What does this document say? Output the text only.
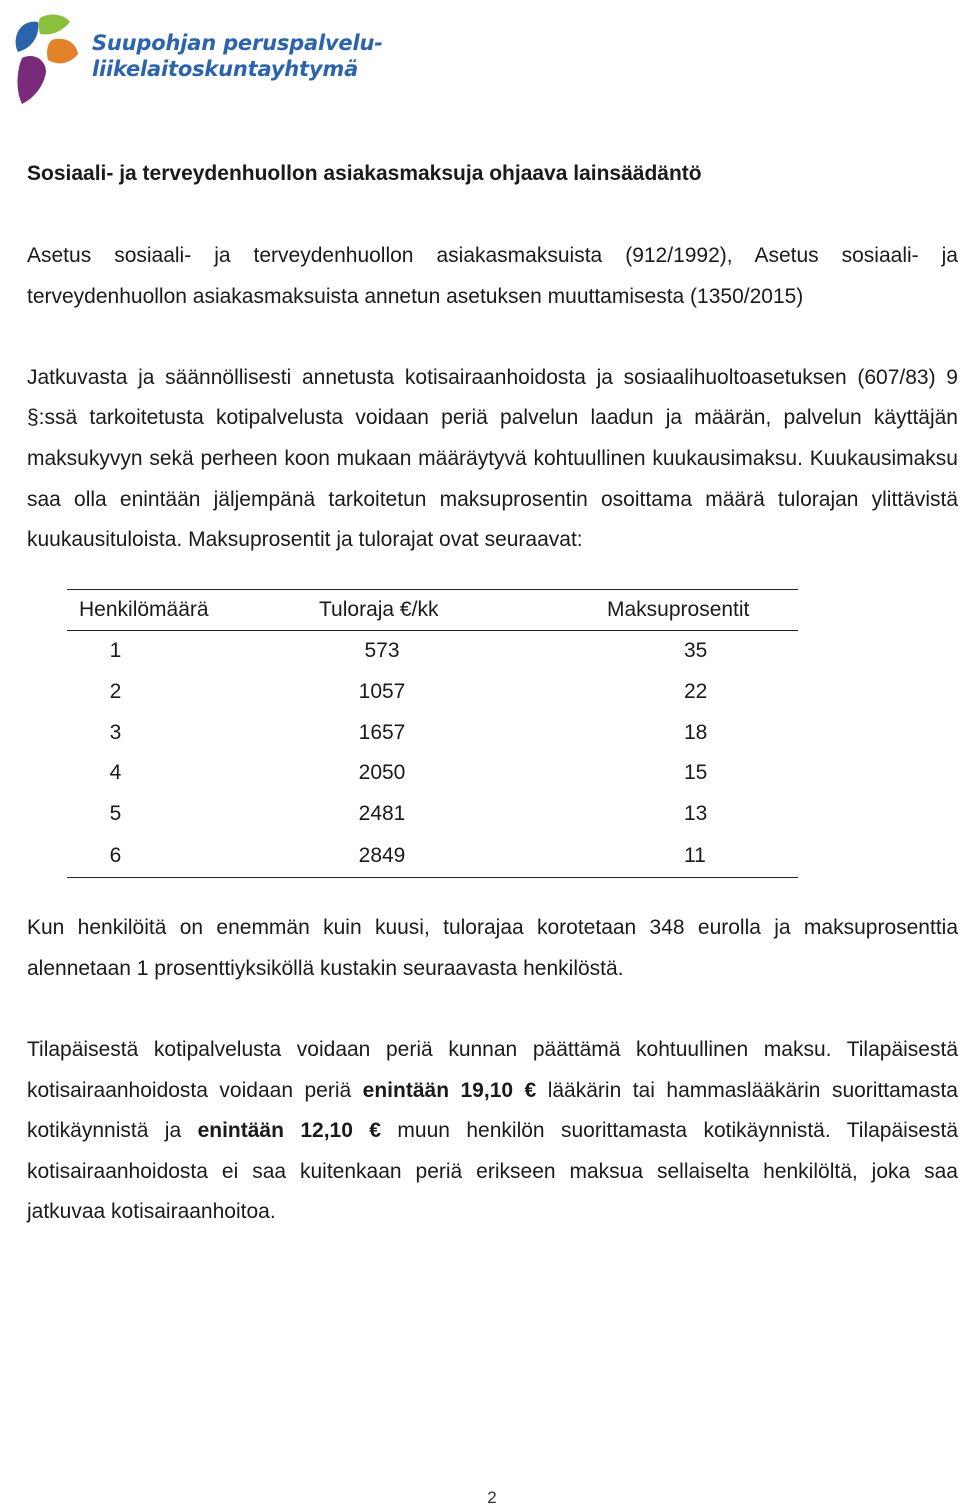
Suupohjan peruspalvelu-
liikelaitoskuntayhtymä
Sosiaali- ja terveydenhuollon asiakasmaksuja ohjaava lainsäädäntö

Asetus sosiaali- ja terveydenhuollon asiakasmaksuista (912/1992), Asetus sosiaali- ja terveydenhuollon asiakasmaksuista annetun asetuksen muuttamisesta (1350/2015)

Jatkuvasta ja säännöllisesti annetusta kotisairaanhoidosta ja sosiaalihuoltoasetuksen (607/83) 9 §:ssä tarkoitetusta kotipalvelusta voidaan periä palvelun laadun ja määrän, palvelun käyttäjän maksukyvyn sekä perheen koon mukaan määräytyvä kohtuullinen kuukausimaksu. Kuukausimaksu saa olla enintään jäljempänä tarkoitetun maksuprosentin osoittama määrä tulorajan ylittävistä kuukausituloista. Maksuprosentit ja tulorajat ovat seuraavat:

Henkilömäärä	Tuloraja €/kk	Maksuprosentit
1	573	35
2	1057	22
3	1657	18
4	2050	15
5	2481	13
6	2849	11

Kun henkilöitä on enemmän kuin kuusi, tulorajaa korotetaan 348 eurolla ja maksuprosenttia alennetaan 1 prosenttiyksiköllä kustakin seuraavasta henkilöstä.

Tilapäisestä kotipalvelusta voidaan periä kunnan päättämä kohtuullinen maksu. Tilapäisestä kotisairaanhoidosta voidaan periä enintään 19,10 € lääkärin tai hammaslääkärin suorittamasta kotikäynnistä ja enintään 12,10 € muun henkilön suorittamasta kotikäynnistä. Tilapäisestä kotisairaanhoidosta ei saa kuitenkaan periä erikseen maksua sellaiselta henkilöltä, joka saa jatkuvaa kotisairaanhoitoa.

2
